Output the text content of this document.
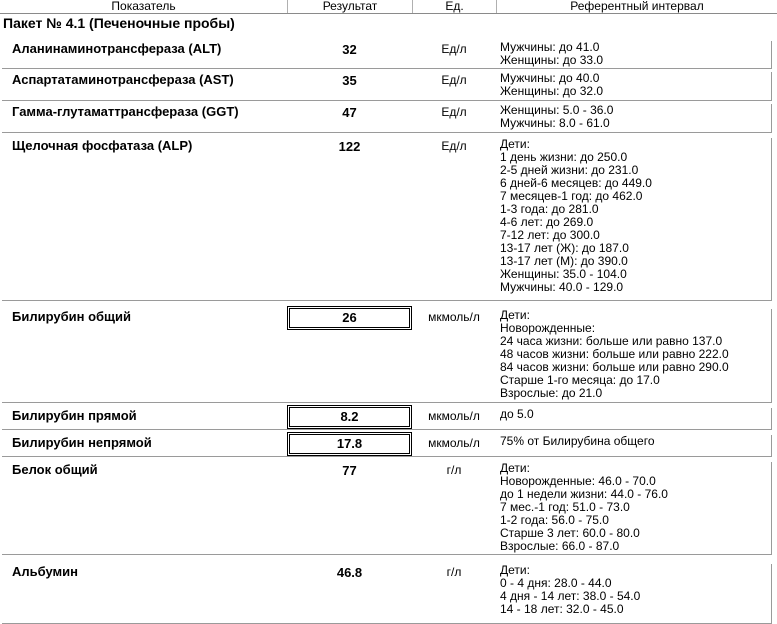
Показатель	Результат	Ед.	Референтный интервал
Пакет № 4.1 (Печеночные пробы)
Аланинаминотрансфераза (ALT)	32	Ед/л	Мужчины: до 41.0
Женщины: до 33.0
Аспартатаминотрансфераза (AST)	35	Ед/л	Мужчины: до 40.0
Женщины: до 32.0
Гамма-глутаматтрансфераза (GGT)	47	Ед/л	Женщины: 5.0 - 36.0
Мужчины: 8.0 - 61.0
Щелочная фосфатаза (ALP)	122	Ед/л	Дети:
1 день жизни: до 250.0
2-5 дней жизни: до 231.0
6 дней-6 месяцев: до 449.0
7 месяцев-1 год: до 462.0
1-3 года: до 281.0
4-6 лет: до 269.0
7-12 лет: до 300.0
13-17 лет (Ж): до 187.0
13-17 лет (М): до 390.0
Женщины: 35.0 - 104.0
Мужчины: 40.0 - 129.0
Билирубин общий	26	мкмоль/л	Дети:
Новорожденные:
24 часа жизни: больше или равно 137.0
48 часов жизни: больше или равно 222.0
84 часов жизни: больше или равно 290.0
Старше 1-го месяца: до 17.0
Взрослые: до 21.0
Билирубин прямой	8.2	мкмоль/л	до 5.0
Билирубин непрямой	17.8	мкмоль/л	75% от Билирубина общего
Белок общий	77	г/л	Дети:
Новорожденные: 46.0 - 70.0
до 1 недели жизни: 44.0 - 76.0
7 мес.-1 год: 51.0 - 73.0
1-2 года: 56.0 - 75.0
Старше 3 лет: 60.0 - 80.0
Взрослые: 66.0 - 87.0
Альбумин	46.8	г/л	Дети:
0 - 4 дня: 28.0 - 44.0
4 дня - 14 лет: 38.0 - 54.0
14 - 18 лет: 32.0 - 45.0
